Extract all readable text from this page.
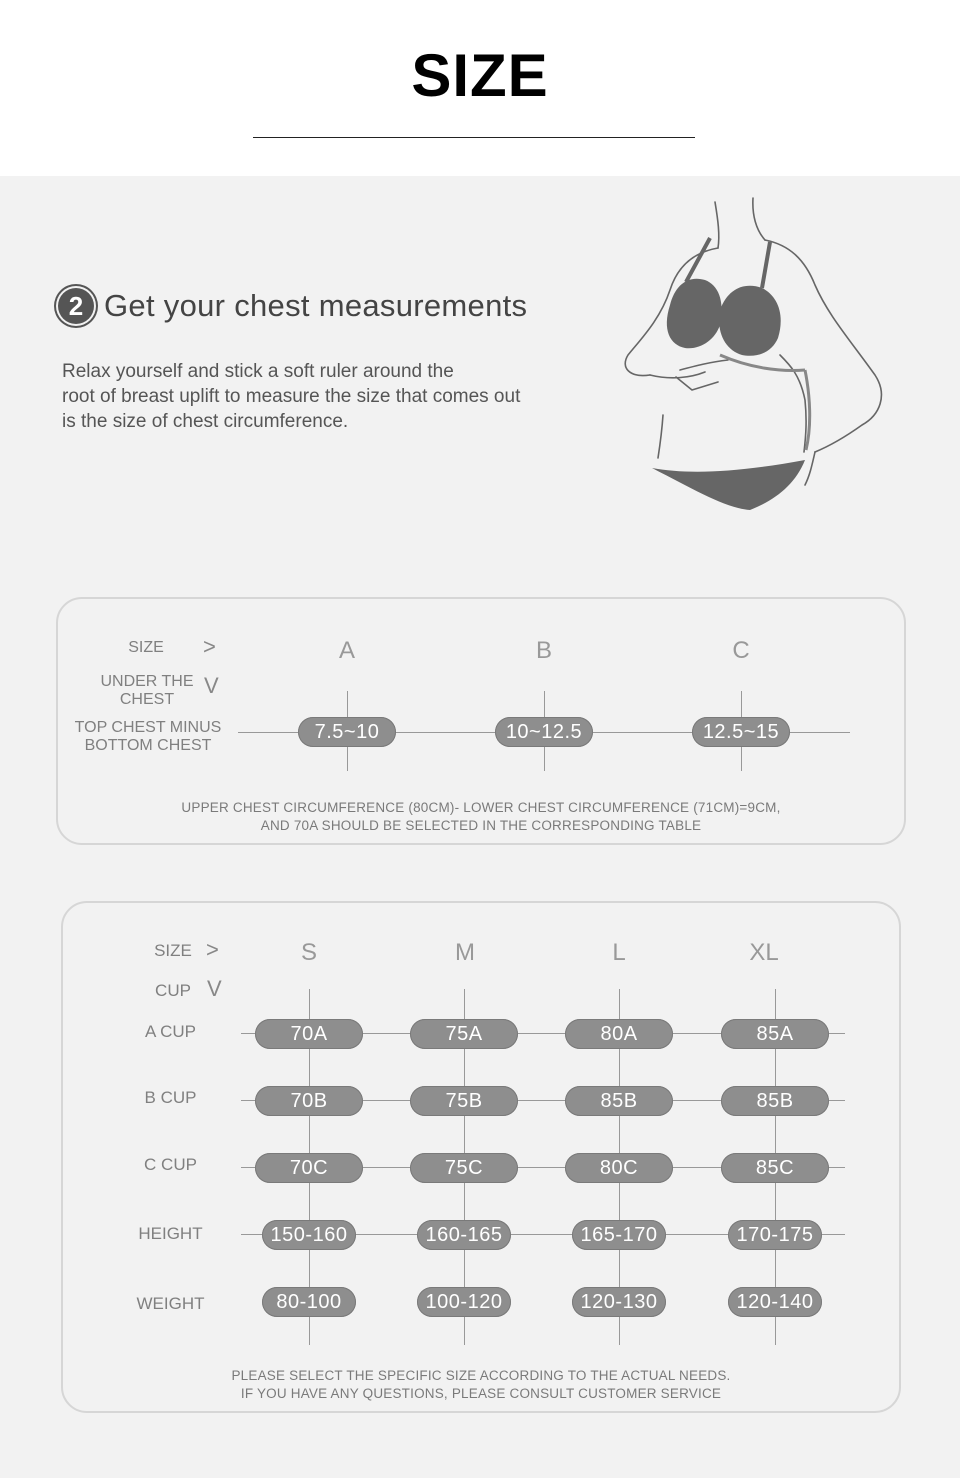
SIZE
2 Get your chest measurements
Relax yourself and stick a soft ruler around the
root of breast uplift to measure the size that comes out
is the size of chest circumference.
SIZE	>
UNDER THE
CHEST
V
TOP CHEST MINUS
BOTTOM CHEST
A	B	C
7.5~10	10~12.5	12.5~15
UPPER CHEST CIRCUMFERENCE (80CM)- LOWER CHEST CIRCUMFERENCE (71CM)=9CM,
AND 70A SHOULD BE SELECTED IN THE CORRESPONDING TABLE
SIZE >
CUP V
S	M	L	XL
A CUP	70A	75A	80A	85A
B CUP	70B	75B	85B	85B
C CUP	70C	75C	80C	85C
HEIGHT	150-160	160-165	165-170	170-175
WEIGHT	80-100	100-120	120-130	120-140
PLEASE SELECT THE SPECIFIC SIZE ACCORDING TO THE ACTUAL NEEDS.
IF YOU HAVE ANY QUESTIONS, PLEASE CONSULT CUSTOMER SERVICE
